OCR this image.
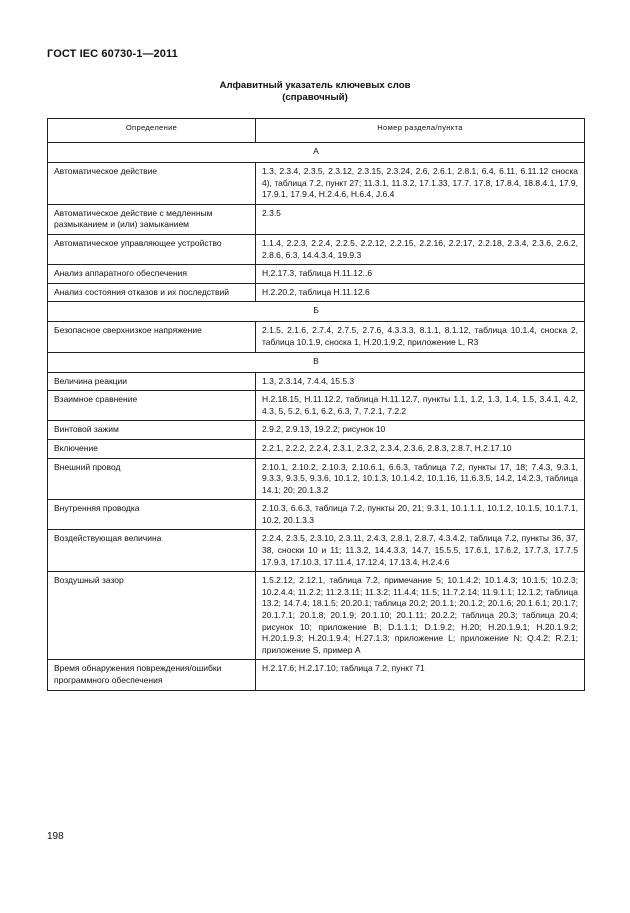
ГОСТ IEC 60730-1—2011
Алфавитный указатель ключевых слов
(справочный)
Определение	Номер раздела/пункта
А	
Автоматическое действие	1.3, 2.3.4, 2.3.5, 2.3.12, 2.3.15, 2.3.24, 2.6, 2.6.1, 2.8.1, 6.4, 6.11, 6.11.12 сноска 4), таблица 7.2, пункт 27; 11.3.1, 11.3.2, 17.1.33, 17.7. 17.8, 17.8.4, 18.8.4.1, 17.9, 17.9.1, 17.9.4, H.2.4.6, H.6.4, J.6.4
Автоматическое действие с медленным размыканием и (или) замыканием	2.3.5
Автоматическое управляющее устройство	1.1.4, 2.2.3, 2.2.4, 2.2.5, 2.2.12, 2.2.15, 2.2.16, 2.2.17, 2.2.18, 2.3.4, 2.3.6, 2.6.2, 2.8.6, 6.3, 14.4.3.4, 19.9.3
Анализ аппаратного обеспечения	H.2.17.3, таблица H.11.12..6
Анализ состояния отказов и их последствий	H.2.20.2, таблица H.11.12.6
Б	
Безопасное сверхнизкое напряжение	2.1.5, 2.1.6, 2.7.4, 2.7.5, 2.7.6, 4.3.3.3, 8.1.1, 8.1.12, таблица 10.1.4, сноска 2, таблица 10.1.9, сноска 1, H.20.1.9.2, приложение L, R3
В	
Величина реакции	1.3, 2.3.14, 7.4.4, 15.5.3
Взаимное сравнение	H.2.18.15, H.11.12.2, таблица H.11.12.7, пункты 1.1, 1.2, 1.3, 1.4, 1.5, 3.4.1, 4.2, 4.3, 5, 5.2, 6.1, 6.2, 6.3, 7, 7.2.1, 7.2.2
Винтовой зажим	2.9.2, 2.9.13, 19.2.2; рисунок 10
Включение	2.2.1, 2.2.2, 2.2.4, 2.3.1, 2.3.2, 2.3.4, 2.3.6, 2.8.3, 2.8.7, H.2.17.10
Внешний провод	2.10.1, 2.10.2, 2.10.3, 2.10.6.1, 6.6.3, таблица 7.2, пункты 17, 18; 7.4.3, 9.3.1, 9.3.3, 9.3.5, 9.3.6, 10.1.2, 10.1.3, 10.1.4.2, 10.1.16, 11.6.3.5, 14.2, 14.2.3, таблица 14.1; 20; 20.1.3.2
Внутренняя проводка	2.10.3, 6.6.3, таблица 7.2, пункты 20, 21; 9.3.1, 10.1.1.1, 10.1.2, 10.1.5, 10.1.7.1, 10.2, 20.1.3.3
Воздействующая величина	2.2.4, 2.3.5, 2.3.10, 2.3.11, 2.4.3, 2.8.1, 2.8.7, 4.3.4.2, таблица 7.2, пункты 36, 37, 38, сноски 10 и 11; 11.3.2, 14.4.3.3, 14.7, 15.5.5, 17.6.1, 17.6.2, 17.7.3, 17.7.5 17.9.3, 17.10.3, 17.11.4, 17.12.4, 17.13.4, H.2.4.6
Воздушный зазор	1.5.2.12, 2.12.1, таблица 7.2, примечание 5; 10.1.4.2; 10.1.4.3; 10.1.5; 10.2.3; 10.2.4.4; 11.2.2; 11.2.3.11; 11.3.2; 11.4.4; 11.5; 11.7.2.14; 11.9.1.1; 12.1.2; таблица 13.2; 14.7.4; 18.1.5; 20.20.1; таблица 20.2; 20.1.1; 20.1.2; 20.1.6; 20.1.6.1; 20.1.7; 20.1.7.1; 20.1.8; 20.1.9; 20.1.10; 20.1.11; 20.2.2; таблица 20.3; таблица 20.4; рисунок 10; приложение В; D.1.1.1; D.1.9.2; H.20; H.20.1.9.1; H.20.1.9.2; H.20.1.9.3; H.20.1.9.4; H.27.1.3; приложение L; приложение N; Q.4.2; R.2.1; приложение S, пример A
Время обнаружения повреждения/ошибки программного обеспечения	H.2.17.6; H.2.17.10; таблица 7.2, пункт 71
198
